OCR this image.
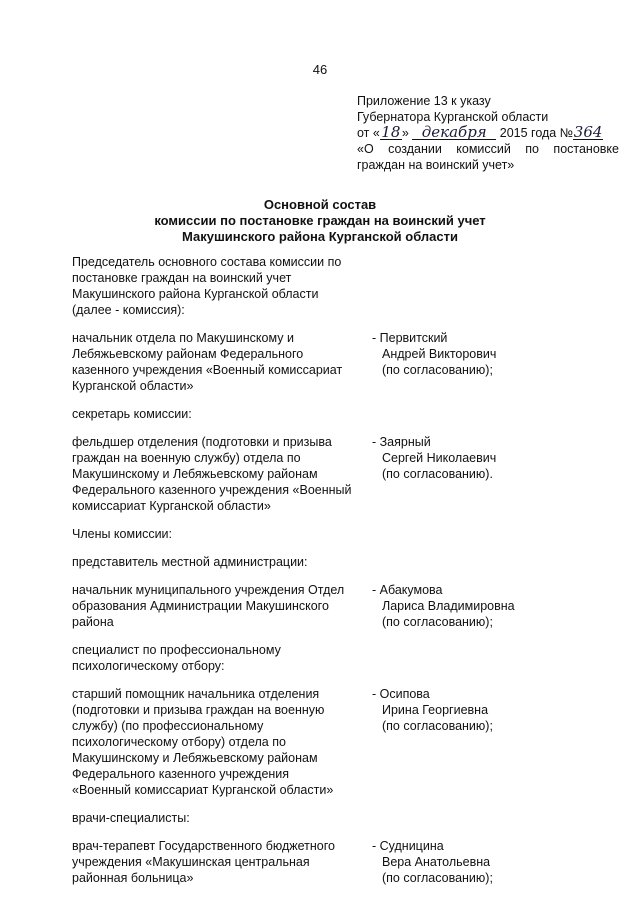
46
Приложение 13 к указу
Губернатора Курганской области
от «18» декабря 2015 года №364
«О создании комиссий по постановке
граждан на воинский учет»
Основной состав
комиссии по постановке граждан на воинский учет
Макушинского района Курганской области
Председатель основного состава комиссии по
постановке граждан на воинский учет
Макушинского района Курганской области
(далее - комиссия):
начальник отдела по Макушинскому и
Лебяжьевскому районам Федерального
казенного учреждения «Военный комиссариат
Курганской области»
- Первитский
Андрей Викторович
(по согласованию);
секретарь комиссии:
фельдшер отделения (подготовки и призыва
граждан на военную службу) отдела по
Макушинскому и Лебяжьевскому районам
Федерального казенного учреждения «Военный
комиссариат Курганской области»
- Заярный
Сергей Николаевич
(по согласованию).
Члены комиссии:
представитель местной администрации:
начальник муниципального учреждения Отдел
образования Администрации Макушинского
района
- Абакумова
Лариса Владимировна
(по согласованию);
специалист по профессиональному
психологическому отбору:
старший помощник начальника отделения
(подготовки и призыва граждан на военную
службу) (по профессиональному
психологическому отбору) отдела по
Макушинскому и Лебяжьевскому районам
Федерального казенного учреждения
«Военный комиссариат Курганской области»
- Осипова
Ирина Георгиевна
(по согласованию);
врачи-специалисты:
врач-терапевт Государственного бюджетного
учреждения «Макушинская центральная
районная больница»
- Судницина
Вера Анатольевна
(по согласованию);
